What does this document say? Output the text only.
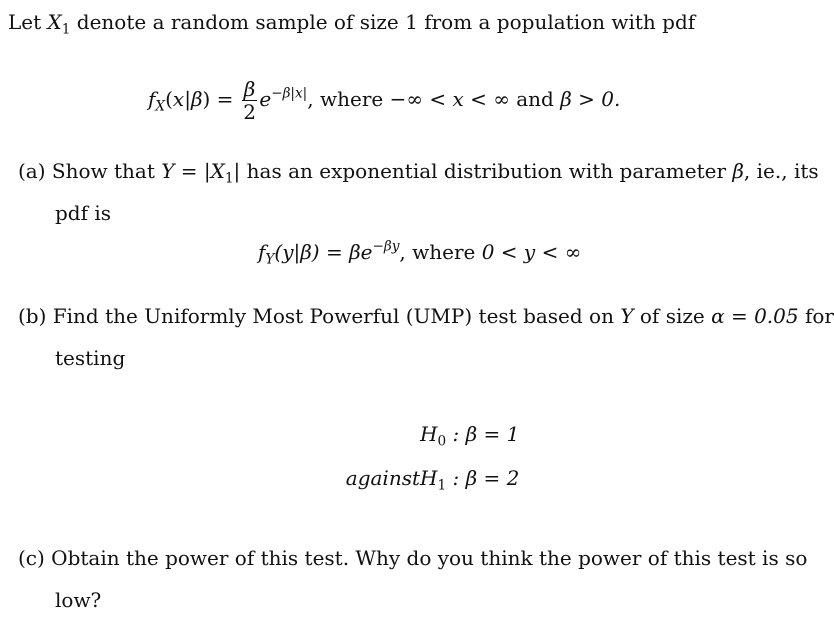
Let $X_1$ denote a random sample of size 1 from a population with pdf
$f_X(x|\beta) = \frac{\beta}{2} e^{-\beta|x|}$, where −∞ < x < ∞ and β > 0.
(a) Show that $Y = |X_1|$ has an exponential distribution with parameter β, ie., its
pdf is
$f_Y(y|\beta) = \beta e^{-\beta y}$, where 0 < y < ∞
(b) Find the Uniformly Most Powerful (UMP) test based on Y of size α = 0.05 for
testing
$H_0$ : β = 1
againstH$_1$ : β = 2
(c) Obtain the power of this test. Why do you think the power of this test is so
low?
